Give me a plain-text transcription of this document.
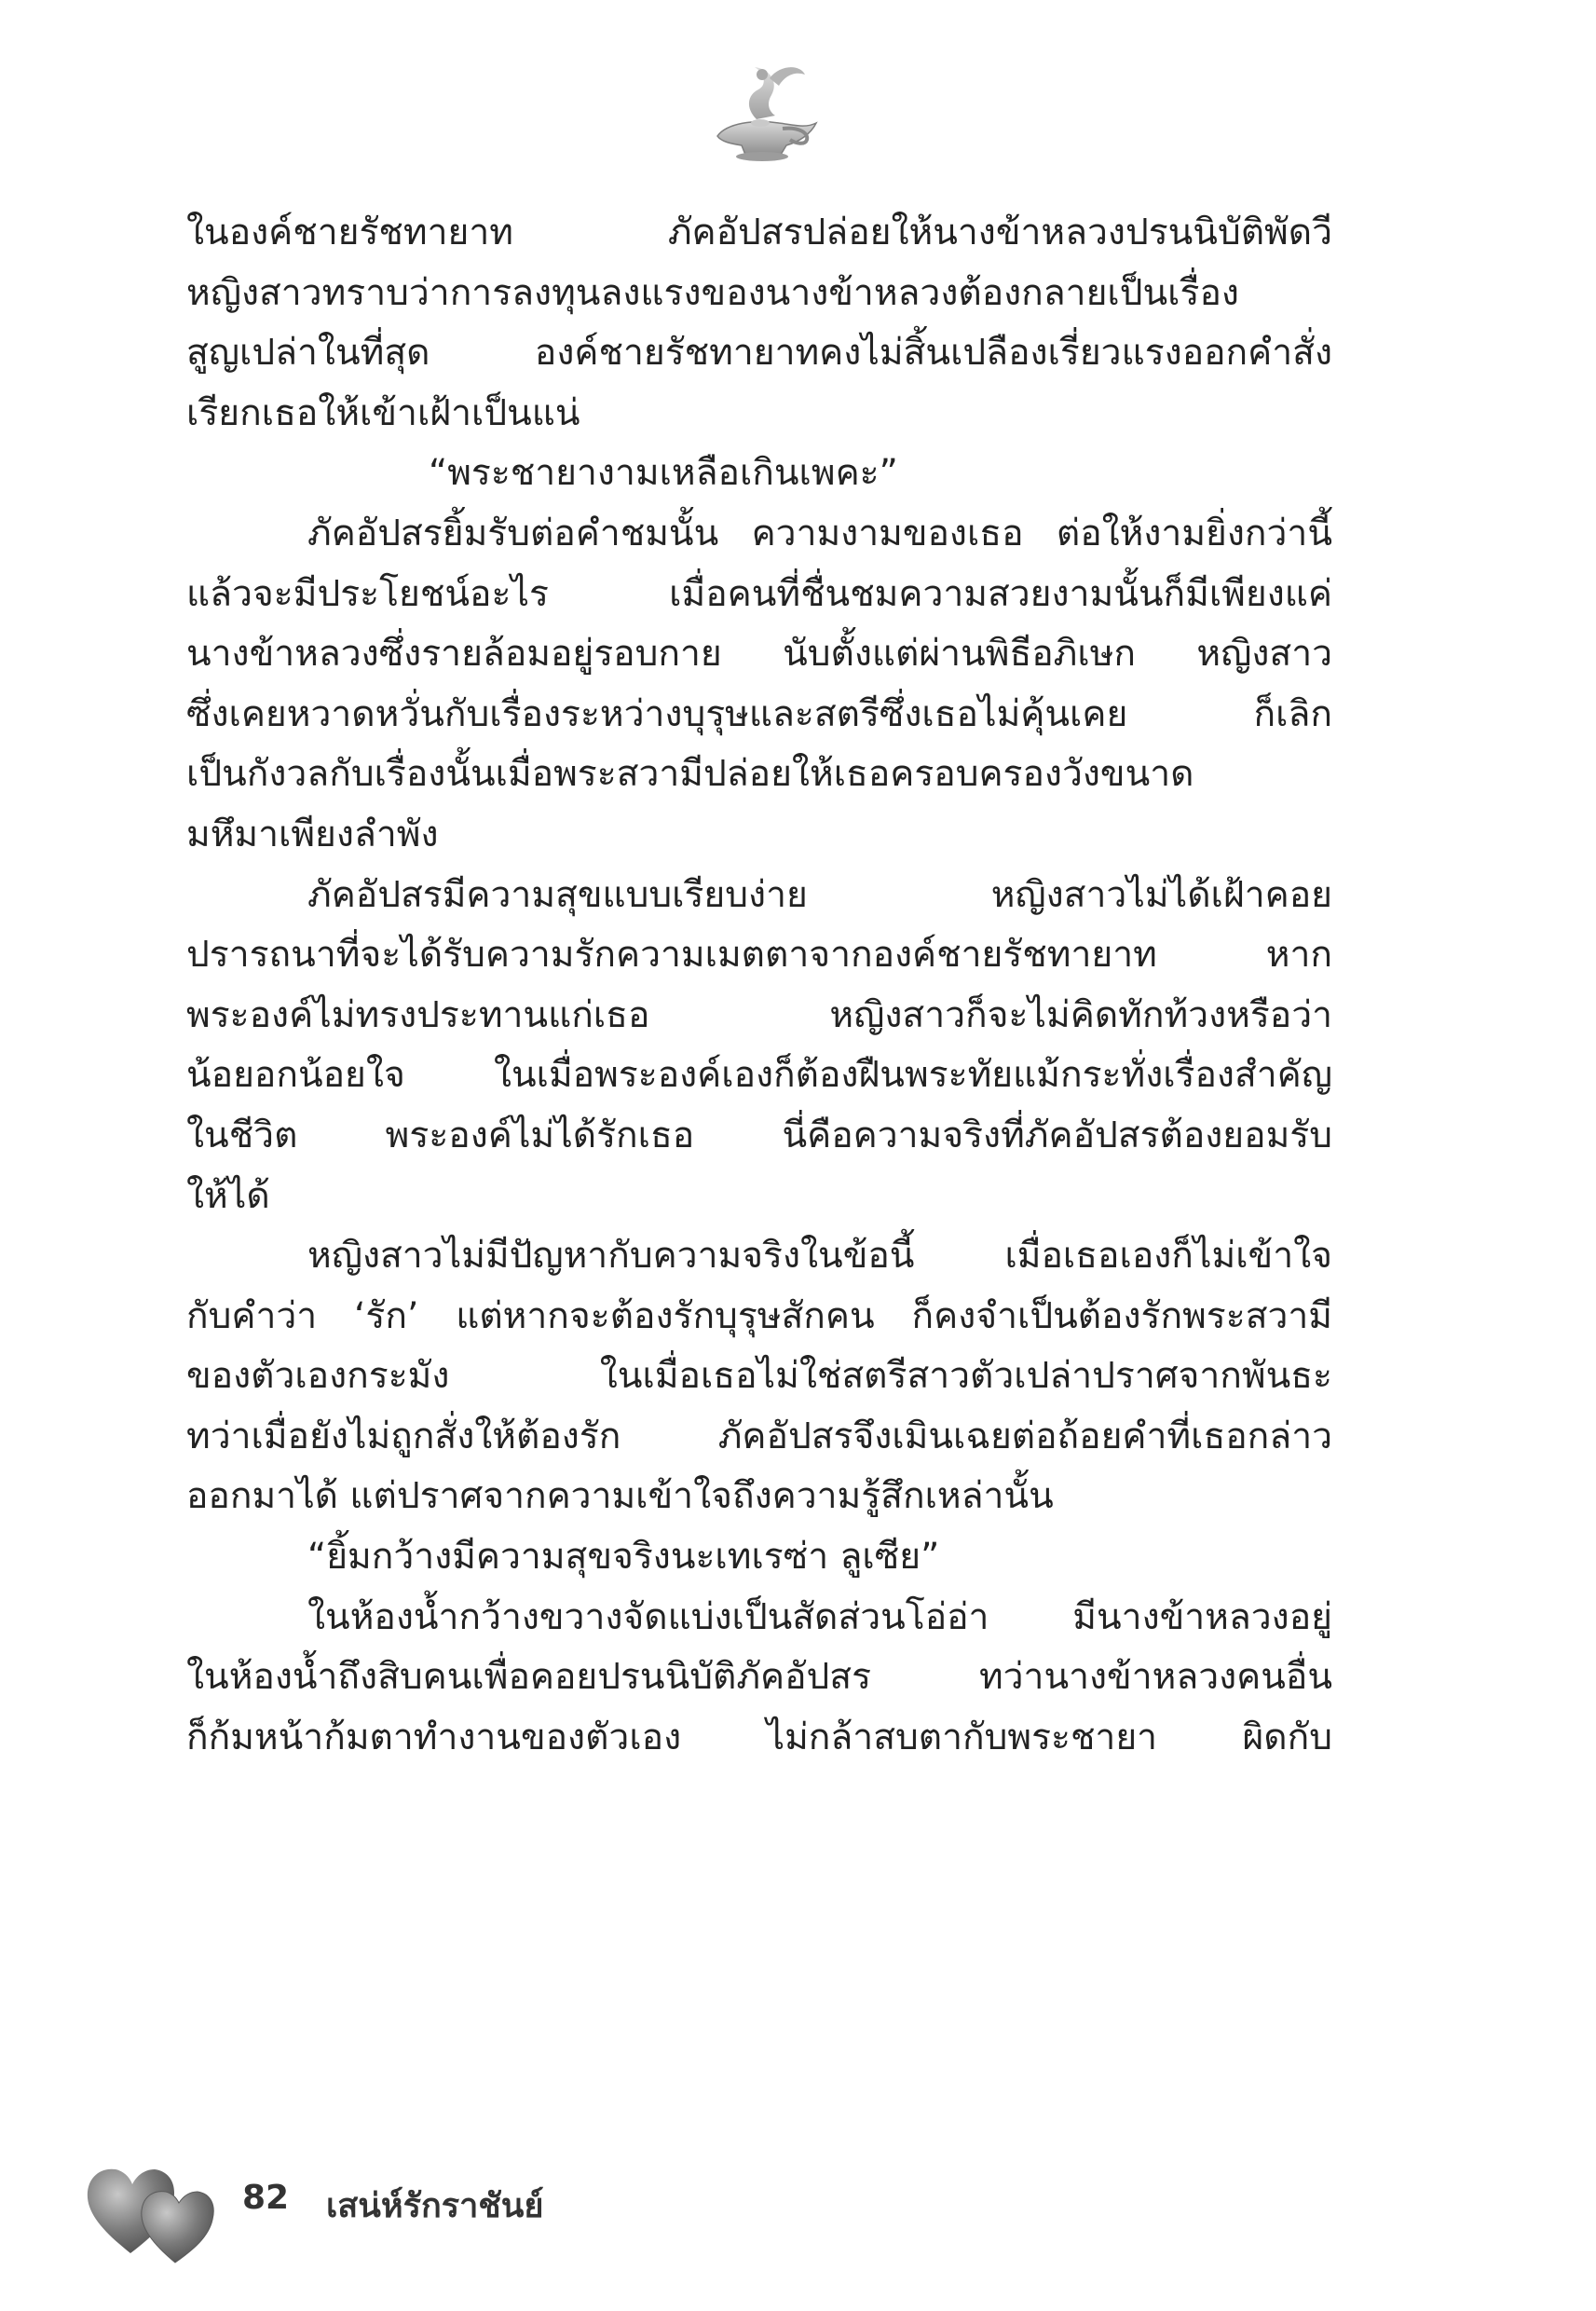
ในองค์ชายรัชทายาท ภัคอัปสรปล่อยให้นางข้าหลวงปรนนิบัติพัดวี
หญิงสาวทราบว่าการลงทุนลงแรงของนางข้าหลวงต้องกลายเป็นเรื่อง
สูญเปล่าในที่สุด องค์ชายรัชทายาทคงไม่สิ้นเปลืองเรี่ยวแรงออกคำสั่ง
เรียกเธอให้เข้าเฝ้าเป็นแน่

“พระชายางามเหลือเกินเพคะ”

ภัคอัปสรยิ้มรับต่อคำชมนั้น ความงามของเธอ ต่อให้งามยิ่งกว่านี้
แล้วจะมีประโยชน์อะไร เมื่อคนที่ชื่นชมความสวยงามนั้นก็มีเพียงแค่
นางข้าหลวงซึ่งรายล้อมอยู่รอบกาย นับตั้งแต่ผ่านพิธีอภิเษก หญิงสาว
ซึ่งเคยหวาดหวั่นกับเรื่องระหว่างบุรุษและสตรีซึ่งเธอไม่คุ้นเคย ก็เลิก
เป็นกังวลกับเรื่องนั้นเมื่อพระสวามีปล่อยให้เธอครอบครองวังขนาด
มหึมาเพียงลำพัง

ภัคอัปสรมีความสุขแบบเรียบง่าย หญิงสาวไม่ได้เฝ้าคอย
ปรารถนาที่จะได้รับความรักความเมตตาจากองค์ชายรัชทายาท หาก
พระองค์ไม่ทรงประทานแก่เธอ หญิงสาวก็จะไม่คิดทักท้วงหรือว่า
น้อยอกน้อยใจ ในเมื่อพระองค์เองก็ต้องฝืนพระทัยแม้กระทั่งเรื่องสำคัญ
ในชีวิต พระองค์ไม่ได้รักเธอ นี่คือความจริงที่ภัคอัปสรต้องยอมรับ
ให้ได้

หญิงสาวไม่มีปัญหากับความจริงในข้อนี้ เมื่อเธอเองก็ไม่เข้าใจ
กับคำว่า ‘รัก’ แต่หากจะต้องรักบุรุษสักคน ก็คงจำเป็นต้องรักพระสวามี
ของตัวเองกระมัง ในเมื่อเธอไม่ใช่สตรีสาวตัวเปล่าปราศจากพันธะ
ทว่าเมื่อยังไม่ถูกสั่งให้ต้องรัก ภัคอัปสรจึงเมินเฉยต่อถ้อยคำที่เธอกล่าว
ออกมาได้ แต่ปราศจากความเข้าใจถึงความรู้สึกเหล่านั้น

“ยิ้มกว้างมีความสุขจริงนะเทเรซ่า ลูเซีย”

ในห้องน้ำกว้างขวางจัดแบ่งเป็นสัดส่วนโอ่อ่า มีนางข้าหลวงอยู่
ในห้องน้ำถึงสิบคนเพื่อคอยปรนนิบัติภัคอัปสร ทว่านางข้าหลวงคนอื่น
ก็ก้มหน้าก้มตาทำงานของตัวเอง ไม่กล้าสบตากับพระชายา ผิดกับ

82 เสน่ห์รักราชันย์
